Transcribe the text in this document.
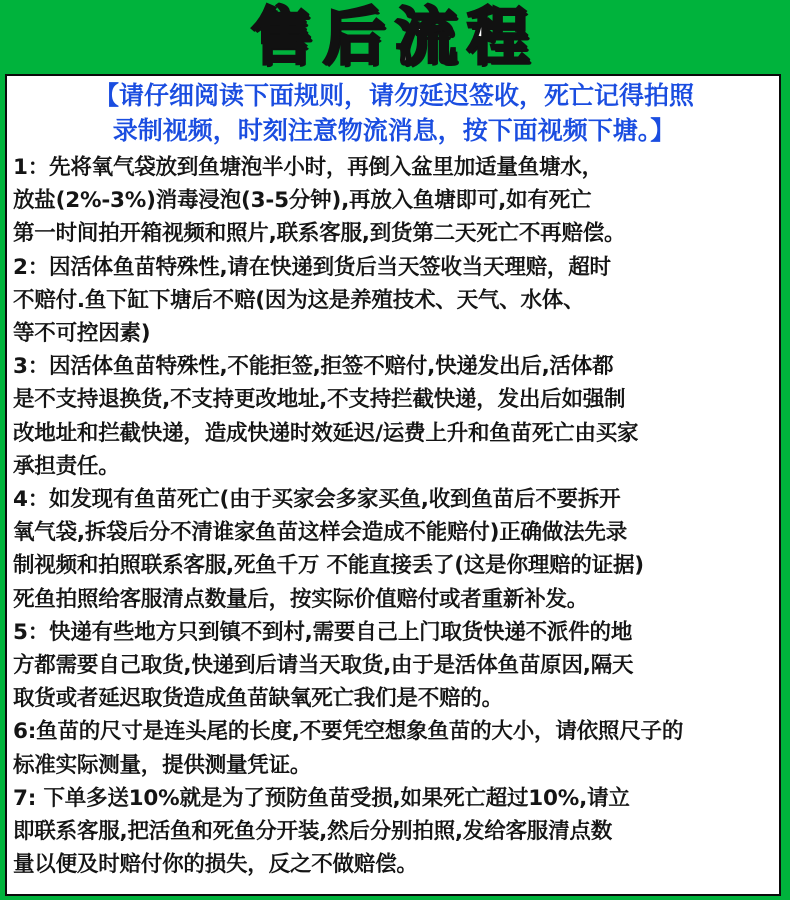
售后流程

【请仔细阅读下面规则，请勿延迟签收，死亡记得拍照

录制视频，时刻注意物流消息，按下面视频下塘。】

1：先将氧气袋放到鱼塘泡半小时，再倒入盆里加适量鱼塘水，
放盐(2%-3%)消毒浸泡(3-5分钟),再放入鱼塘即可,如有死亡
第一时间拍开箱视频和照片,联系客服,到货第二天死亡不再赔偿。

2：因活体鱼苗特殊性,请在快递到货后当天签收当天理赔，超时
不赔付.鱼下缸下塘后不赔(因为这是养殖技术、天气、水体、
等不可控因素)

3：因活体鱼苗特殊性,不能拒签,拒签不赔付,快递发出后,活体都
是不支持退换货,不支持更改地址,不支持拦截快递，发出后如强制
改地址和拦截快递，造成快递时效延迟/运费上升和鱼苗死亡由买家
承担责任。

4：如发现有鱼苗死亡(由于买家会多家买鱼,收到鱼苗后不要拆开
氧气袋,拆袋后分不清谁家鱼苗这样会造成不能赔付)正确做法先录
制视频和拍照联系客服,死鱼千万 不能直接丢了(这是你理赔的证据)
死鱼拍照给客服清点数量后，按实际价值赔付或者重新补发。

5：快递有些地方只到镇不到村,需要自己上门取货快递不派件的地
方都需要自己取货,快递到后请当天取货,由于是活体鱼苗原因,隔天
取货或者延迟取货造成鱼苗缺氧死亡我们是不赔的。

6:鱼苗的尺寸是连头尾的长度,不要凭空想象鱼苗的大小，请依照尺子的
标准实际测量，提供测量凭证。

7: 下单多送10%就是为了预防鱼苗受损,如果死亡超过10%,请立
即联系客服,把活鱼和死鱼分开装,然后分别拍照,发给客服清点数
量以便及时赔付你的损失，反之不做赔偿。
